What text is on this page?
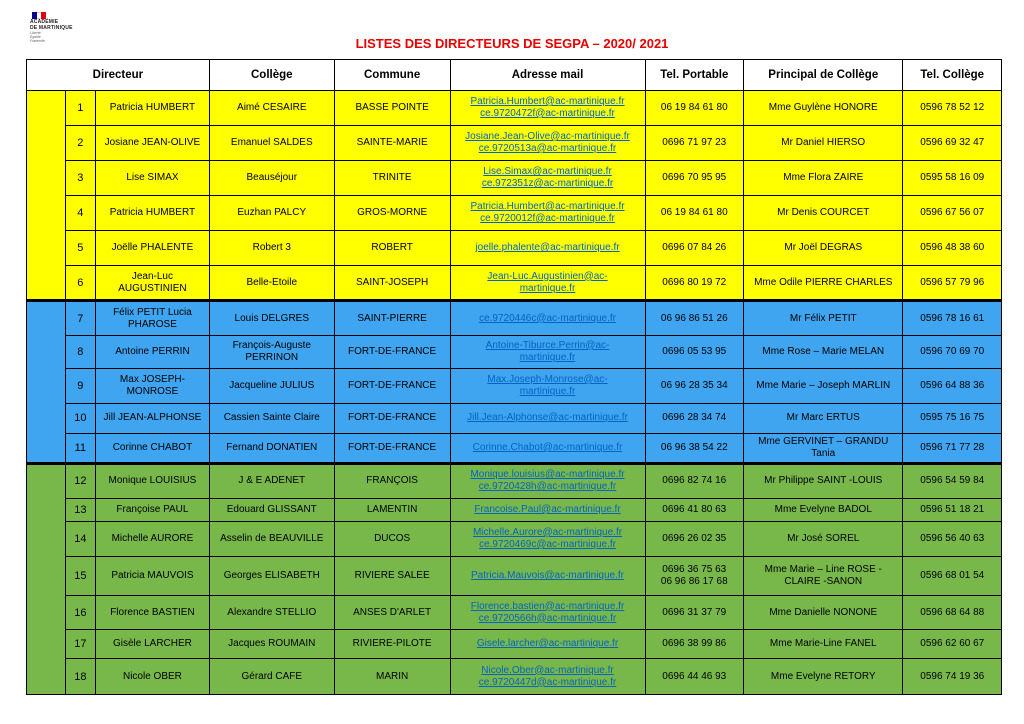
ACADÉMIE
DE MARTINIQUE
Liberté
Égalité
Fraternité	LISTES DES DIRECTEURS DE SEGPA – 2020/ 2021
Directeur			Collège	Commune	Adresse mail	Tel. Portable	Principal de Collège	Tel. Collège
	1	Patricia HUMBERT	Aimé CESAIRE	BASSE POINTE	Patricia.Humbert@ac-martinique.fr
ce.9720472f@ac-martinique.fr	06 19 84 61 80	Mme Guylène HONORE	0596 78 52 12
	2	Josiane JEAN-OLIVE	Emanuel SALDES	SAINTE-MARIE	Josiane.Jean-Olive@ac-martinique.fr
ce.9720513a@ac-martinique.fr	0696 71 97 23	Mr Daniel HIERSO	0596 69 32 47
	3	Lise SIMAX	Beauséjour	TRINITE	Lise.Simax@ac-martinique.fr
ce.972351z@ac-martinique.fr	0696 70 95 95	Mme Flora ZAIRE	0595 58 16 09
	4	Patricia HUMBERT	Euzhan PALCY	GROS-MORNE	Patricia.Humbert@ac-martinique.fr
ce.9720012f@ac-martinique.fr	06 19 84 61 80	Mr Denis COURCET	0596 67 56 07
	5	Joëlle PHALENTE	Robert 3	ROBERT	joelle.phalente@ac-martinique.fr	0696 07 84 26	Mr Joël DEGRAS	0596 48 38 60
	6	Jean-Luc AUGUSTINIEN	Belle-Etoile	SAINT-JOSEPH	Jean-Luc.Augustinien@ac-
martinique.fr	0696 80 19 72	Mme Odile PIERRE CHARLES	0596 57 79 96
	7	Félix PETIT Lucia PHAROSE	Louis DELGRES	SAINT-PIERRE	ce.9720446c@ac-martinique.fr	06 96 86 51 26	Mr Félix PETIT	0596 78 16 61
	8	Antoine PERRIN	François-Auguste PERRINON	FORT-DE-FRANCE	Antoine-Tiburce.Perrin@ac-
martinique.fr	0696 05 53 95	Mme Rose – Marie MELAN	0596 70 69 70
	9	Max JOSEPH-MONROSE	Jacqueline JULIUS	FORT-DE-FRANCE	Max.Joseph-Monrose@ac-
martinique.fr	06 96 28 35 34	Mme Marie – Joseph MARLIN	0596 64 88 36
	10	Jill JEAN-ALPHONSE	Cassien Sainte Claire	FORT-DE-FRANCE	Jill.Jean-Alphonse@ac-martinique.fr	0696 28 34 74	Mr Marc ERTUS	0595 75 16 75
	11	Corinne CHABOT	Fernand DONATIEN	FORT-DE-FRANCE	Corinne.Chabot@ac-martinique.fr	06 96 38 54 22	Mme GERVINET – GRANDU Tania	0596 71 77 28
	12	Monique LOUISIUS	J & E ADENET	FRANÇOIS	Monique.louisius@ac-martinique.fr
ce.9720428h@ac-martinique.fr	0696 82 74 16	Mr Philippe SAINT -LOUIS	0596 54 59 84
	13	Françoise PAUL	Edouard GLISSANT	LAMENTIN	Francoise.Paul@ac-martinique.fr	0696 41 80 63	Mme Evelyne BADOL	0596 51 18 21
	14	Michelle AURORE	Asselin de BEAUVILLE	DUCOS	Michelle.Aurore@ac-martinique.fr
ce.9720469c@ac-martinique.fr	0696 26 02 35	Mr José SOREL	0596 56 40 63
	15	Patricia MAUVOIS	Georges ELISABETH	RIVIERE SALEE	Patricia.Mauvois@ac-martinique.fr	0696 36 75 63
06 96 86 17 68	Mme Marie – Line ROSE - CLAIRE -SANON	0596 68 01 54
	16	Florence BASTIEN	Alexandre STELLIO	ANSES D'ARLET	Florence.bastien@ac-martinique.fr
ce.9720566h@ac-martinique.fr	0696 31 37 79	Mme Danielle NONONE	0596 68 64 88
	17	Gisèle LARCHER	Jacques ROUMAIN	RIVIERE-PILOTE	Gisele.larcher@ac-martinique.fr	0696 38 99 86	Mme Marie-Line FANEL	0596 62 60 67
	18	Nicole OBER	Gérard CAFE	MARIN	Nicole.Ober@ac-martinique.fr
ce.9720447d@ac-martinique.fr	0696 44 46 93	Mme Evelyne RETORY	0596 74 19 36
